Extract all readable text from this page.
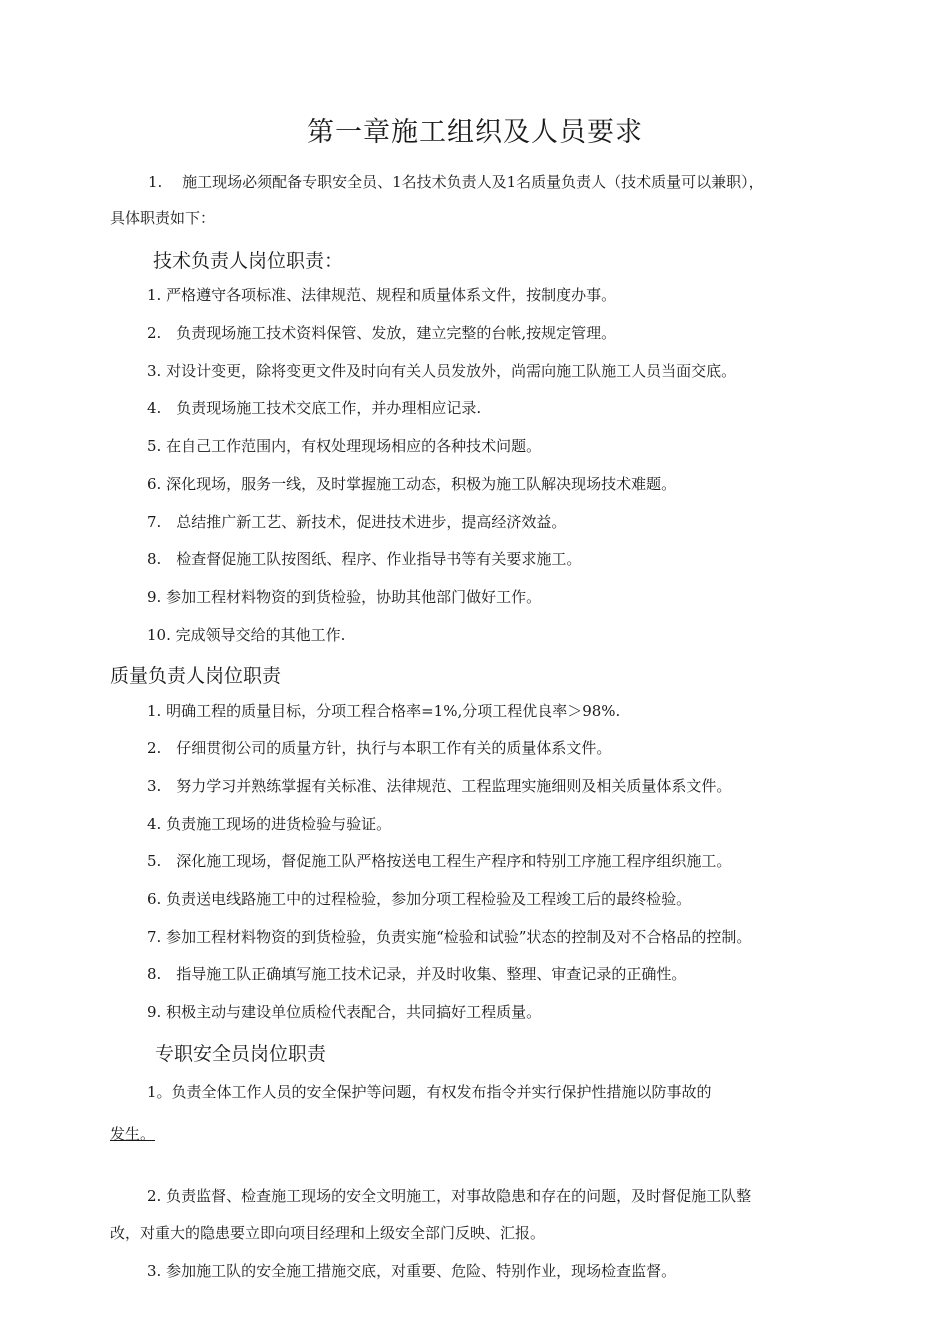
第一章施工组织及人员要求
1.　 施工现场必须配备专职安全员、1名技术负责人及1名质量负责人（技术质量可以兼职），
具体职责如下：
技术负责人岗位职责：
1. 严格遵守各项标准、法律规范、规程和质量体系文件，按制度办事。
2.　负责现场施工技术资料保管、发放，建立完整的台帐,按规定管理。
3. 对设计变更，除将变更文件及时向有关人员发放外，尚需向施工队施工人员当面交底。
4.　负责现场施工技术交底工作，并办理相应记录.
5. 在自己工作范围内，有权处理现场相应的各种技术问题。
6. 深化现场，服务一线，及时掌握施工动态，积极为施工队解决现场技术难题。
7.　总结推广新工艺、新技术，促进技术进步，提高经济效益。
8.　检查督促施工队按图纸、程序、作业指导书等有关要求施工。
9. 参加工程材料物资的到货检验，协助其他部门做好工作。
10. 完成领导交给的其他工作.
质量负责人岗位职责
1. 明确工程的质量目标，分项工程合格率=1%,分项工程优良率＞98%.
2.　仔细贯彻公司的质量方针，执行与本职工作有关的质量体系文件。
3.　努力学习并熟练掌握有关标准、法律规范、工程监理实施细则及相关质量体系文件。
4. 负责施工现场的进货检验与验证。
5.　深化施工现场，督促施工队严格按送电工程生产程序和特别工序施工程序组织施工。
6. 负责送电线路施工中的过程检验，参加分项工程检验及工程竣工后的最终检验。
7. 参加工程材料物资的到货检验，负责实施“检验和试验”状态的控制及对不合格品的控制。
8.　指导施工队正确填写施工技术记录，并及时收集、整理、审查记录的正确性。
9. 积极主动与建设单位质检代表配合，共同搞好工程质量。
专职安全员岗位职责
1。负责全体工作人员的安全保护等问题，有权发布指令并实行保护性措施以防事故的
发生。
2. 负责监督、检查施工现场的安全文明施工，对事故隐患和存在的问题，及时督促施工队整
改，对重大的隐患要立即向项目经理和上级安全部门反映、汇报。
3. 参加施工队的安全施工措施交底，对重要、危险、特别作业，现场检查监督。
